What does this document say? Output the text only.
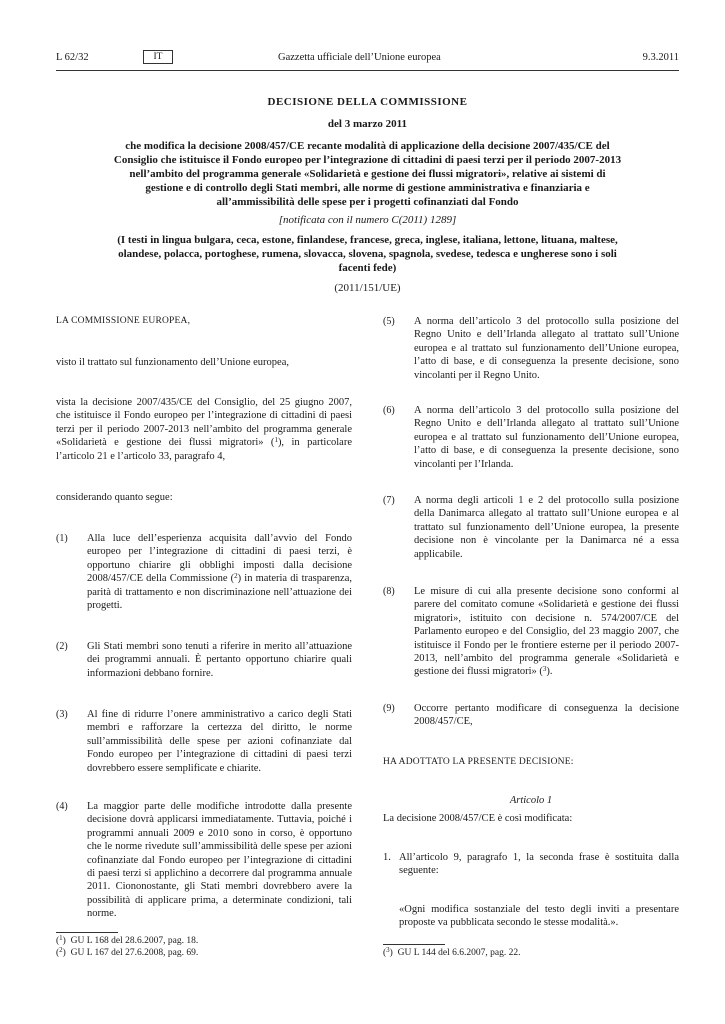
L 62/32	IT	Gazzetta ufficiale dell’Unione europea	9.3.2011
DECISIONE DELLA COMMISSIONE
del 3 marzo 2011
che modifica la decisione 2008/457/CE recante modalità di applicazione della decisione 2007/435/CE del Consiglio che istituisce il Fondo europeo per l’integrazione di cittadini di paesi terzi per il periodo 2007-2013 nell’ambito del programma generale «Solidarietà e gestione dei flussi migratori», relative ai sistemi di gestione e di controllo degli Stati membri, alle norme di gestione amministrativa e finanziaria e all’ammissibilità delle spese per i progetti cofinanziati dal Fondo
[notificata con il numero C(2011) 1289]
(I testi in lingua bulgara, ceca, estone, finlandese, francese, greca, inglese, italiana, lettone, lituana, maltese, olandese, polacca, portoghese, rumena, slovacca, slovena, spagnola, svedese, tedesca e ungherese sono i soli facenti fede)
(2011/151/UE)
LA COMMISSIONE EUROPEA,
visto il trattato sul funzionamento dell’Unione europea,
vista la decisione 2007/435/CE del Consiglio, del 25 giugno 2007, che istituisce il Fondo europeo per l’integrazione di cittadini di paesi terzi per il periodo 2007-2013 nell’ambito del programma generale «Solidarietà e gestione dei flussi migratori» ($^1$), in particolare l’articolo 21 e l’articolo 33, paragrafo 4,
considerando quanto segue:
(1) Alla luce dell’esperienza acquisita dall’avvio del Fondo europeo per l’integrazione di cittadini di paesi terzi, è opportuno chiarire gli obblighi imposti dalla decisione 2008/457/CE della Commissione ($^2$) in materia di trasparenza, parità di trattamento e non discriminazione nell’attuazione dei progetti.
(2) Gli Stati membri sono tenuti a riferire in merito all’attuazione dei programmi annuali. È pertanto opportuno chiarire quali informazioni debbano fornire.
(3) Al fine di ridurre l’onere amministrativo a carico degli Stati membri e rafforzare la certezza del diritto, le norme sull’ammissibilità delle spese per azioni cofinanziate dal Fondo europeo per l’integrazione di cittadini di paesi terzi dovrebbero essere semplificate e chiarite.
(4) La maggior parte delle modifiche introdotte dalla presente decisione dovrà applicarsi immediatamente. Tuttavia, poiché i programmi annuali 2009 e 2010 sono in corso, è opportuno che le norme rivedute sull’ammissibilità delle spese per azioni cofinanziate dal Fondo europeo per l’integrazione di cittadini di paesi terzi si applichino a decorrere dal programma annuale 2011. Ciononostante, gli Stati membri dovrebbero avere la possibilità di applicare prima, a determinate condizioni, tali norme.
($^1$)  GU L 168 del 28.6.2007, pag. 18.
($^2$)  GU L 167 del 27.6.2008, pag. 69.
(5) A norma dell’articolo 3 del protocollo sulla posizione del Regno Unito e dell’Irlanda allegato al trattato sull’Unione europea e al trattato sul funzionamento dell’Unione europea, l’atto di base, e di conseguenza la presente decisione, sono vincolanti per il Regno Unito.
(6) A norma dell’articolo 3 del protocollo sulla posizione del Regno Unito e dell’Irlanda allegato al trattato sull’Unione europea e al trattato sul funzionamento dell’Unione europea, l’atto di base, e di conseguenza la presente decisione, sono vincolanti per l’Irlanda.
(7) A norma degli articoli 1 e 2 del protocollo sulla posizione della Danimarca allegato al trattato sull’Unione europea e al trattato sul funzionamento dell’Unione europea, la presente decisione non è vincolante per la Danimarca né a essa applicabile.
(8) Le misure di cui alla presente decisione sono conformi al parere del comitato comune «Solidarietà e gestione dei flussi migratori», istituito con decisione n. 574/2007/CE del Parlamento europeo e del Consiglio, del 23 maggio 2007, che istituisce il Fondo per le frontiere esterne per il periodo 2007-2013, nell’ambito del programma generale «Solidarietà e gestione dei flussi migratori» ($^3$).
(9) Occorre pertanto modificare di conseguenza la decisione 2008/457/CE,
HA ADOTTATO LA PRESENTE DECISIONE:
Articolo 1
La decisione 2008/457/CE è così modificata:
1. All’articolo 9, paragrafo 1, la seconda frase è sostituita dalla seguente:
«Ogni modifica sostanziale del testo degli inviti a presentare proposte va pubblicata secondo le stesse modalità.».
($^3$)  GU L 144 del 6.6.2007, pag. 22.
